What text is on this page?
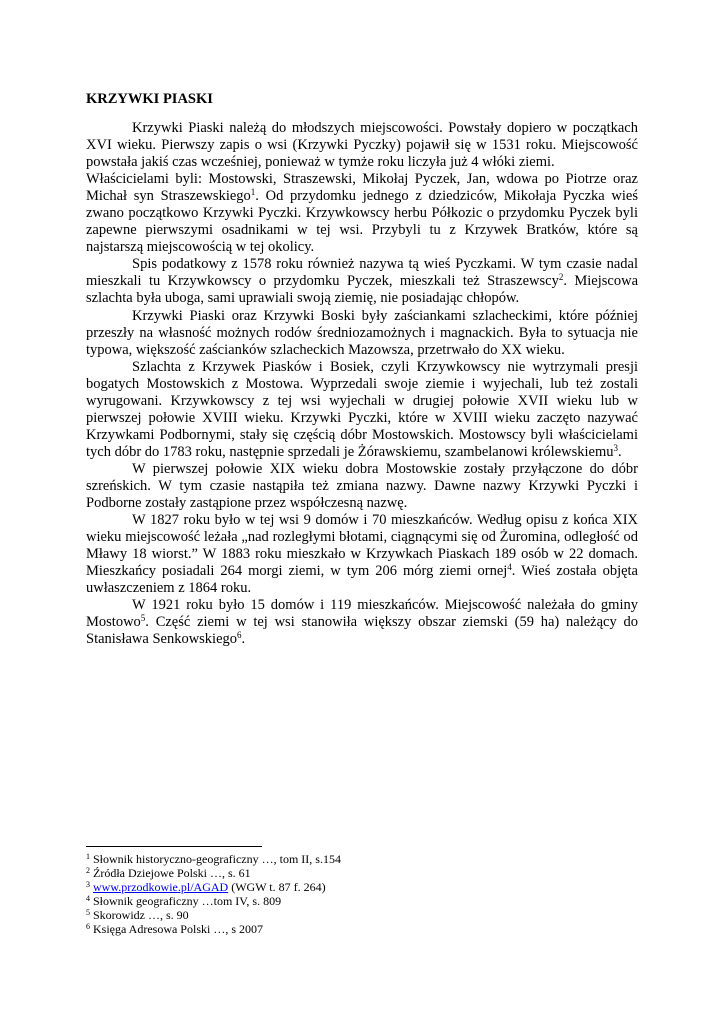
KRZYWKI PIASKI

Krzywki Piaski należą do młodszych miejscowości. Powstały dopiero w początkach XVI wieku. Pierwszy zapis o wsi (Krzywki Pyczky) pojawił się w 1531 roku. Miejscowość powstała jakiś czas wcześniej, ponieważ w tymże roku liczyła już 4 włóki ziemi.

Właścicielami byli: Mostowski, Straszewski, Mikołaj Pyczek, Jan, wdowa po Piotrze oraz Michał syn Straszewskiego$^1$. Od przydomku jednego z dziedziców, Mikołaja Pyczka wieś zwano początkowo Krzywki Pyczki. Krzywkowscy herbu Półkozic o przydomku Pyczek byli zapewne pierwszymi osadnikami w tej wsi. Przybyli tu z Krzywek Bratków, które są najstarszą miejscowością w tej okolicy.

Spis podatkowy z 1578 roku również nazywa tą wieś Pyczkami. W tym czasie nadal mieszkali tu Krzywkowscy o przydomku Pyczek, mieszkali też Straszewscy$^2$. Miejscowa szlachta była uboga, sami uprawiali swoją ziemię, nie posiadając chłopów.

Krzywki Piaski oraz Krzywki Boski były zaściankami szlacheckimi, które później przeszły na własność możnych rodów średniozamożnych i magnackich. Była to sytuacja nie typowa, większość zaścianków szlacheckich Mazowsza, przetrwało do XX wieku.

Szlachta z Krzywek Piasków i Bosiek, czyli Krzywkowscy nie wytrzymali presji bogatych Mostowskich z Mostowa. Wyprzedali swoje ziemie i wyjechali, lub też zostali wyrugowani. Krzywkowscy z tej wsi wyjechali w drugiej połowie XVII wieku lub w pierwszej połowie XVIII wieku. Krzywki Pyczki, które w XVIII wieku zaczęto nazywać Krzywkami Podbornymi, stały się częścią dóbr Mostowskich. Mostowscy byli właścicielami tych dóbr do 1783 roku, następnie sprzedali je Żórawskiemu, szambelanowi królewskiemu$^3$.

W pierwszej połowie XIX wieku dobra Mostowskie zostały przyłączone do dóbr szreńskich. W tym czasie nastąpiła też zmiana nazwy. Dawne nazwy Krzywki Pyczki i Podborne zostały zastąpione przez współczesną nazwę.

W 1827 roku było w tej wsi 9 domów i 70 mieszkańców. Według opisu z końca XIX wieku miejscowość leżała „nad rozległymi błotami, ciągnącymi się od Żuromina, odległość od Mławy 18 wiorst.” W 1883 roku mieszkało w Krzywkach Piaskach 189 osób w 22 domach. Mieszkańcy posiadali 264 morgi ziemi, w tym 206 mórg ziemi ornej$^4$. Wieś została objęta uwłaszczeniem z 1864 roku.

W 1921 roku było 15 domów i 119 mieszkańców. Miejscowość należała do gminy Mostowo$^5$. Część ziemi w tej wsi stanowiła większy obszar ziemski (59 ha) należący do Stanisława Senkowskiego$^6$.

$^1$ Słownik historyczno-geograficzny …, tom II, s.154
$^2$ Źródła Dziejowe Polski …, s. 61
$^3$ www.przodkowie.pl/AGAD (WGW t. 87 f. 264)
$^4$ Słownik geograficzny …tom IV, s. 809
$^5$ Skorowidz …, s. 90
$^6$ Księga Adresowa Polski …, s 2007
